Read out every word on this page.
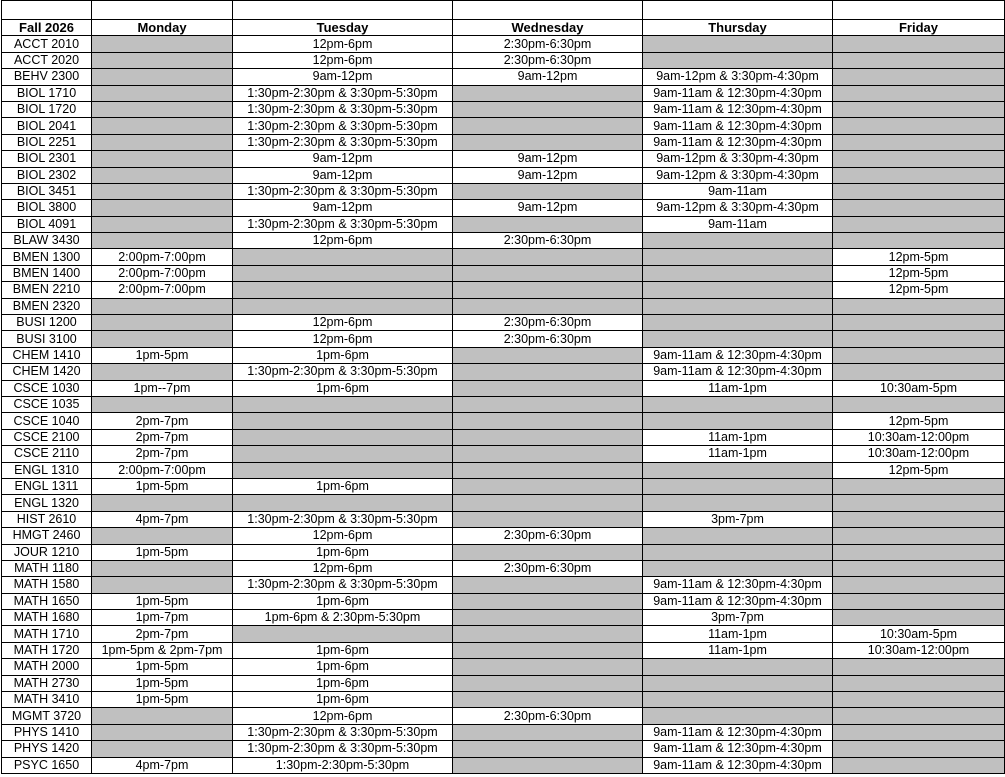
Fall 2026	Monday	Tuesday	Wednesday	Thursday	Friday
ACCT 2010		12pm-6pm	2:30pm-6:30pm		
ACCT 2020		12pm-6pm	2:30pm-6:30pm		
BEHV 2300		9am-12pm	9am-12pm	9am-12pm & 3:30pm-4:30pm	
BIOL 1710		1:30pm-2:30pm & 3:30pm-5:30pm		9am-11am & 12:30pm-4:30pm	
BIOL 1720		1:30pm-2:30pm & 3:30pm-5:30pm		9am-11am & 12:30pm-4:30pm	
BIOL 2041		1:30pm-2:30pm & 3:30pm-5:30pm		9am-11am & 12:30pm-4:30pm	
BIOL 2251		1:30pm-2:30pm & 3:30pm-5:30pm		9am-11am & 12:30pm-4:30pm	
BIOL 2301		9am-12pm	9am-12pm	9am-12pm & 3:30pm-4:30pm	
BIOL 2302		9am-12pm	9am-12pm	9am-12pm & 3:30pm-4:30pm	
BIOL 3451		1:30pm-2:30pm & 3:30pm-5:30pm		9am-11am	
BIOL 3800		9am-12pm	9am-12pm	9am-12pm & 3:30pm-4:30pm	
BIOL 4091		1:30pm-2:30pm & 3:30pm-5:30pm		9am-11am	
BLAW 3430		12pm-6pm	2:30pm-6:30pm		
BMEN 1300	2:00pm-7:00pm				12pm-5pm
BMEN 1400	2:00pm-7:00pm				12pm-5pm
BMEN 2210	2:00pm-7:00pm				12pm-5pm
BMEN 2320					
BUSI 1200		12pm-6pm	2:30pm-6:30pm		
BUSI 3100		12pm-6pm	2:30pm-6:30pm		
CHEM 1410	1pm-5pm	1pm-6pm		9am-11am & 12:30pm-4:30pm	
CHEM 1420		1:30pm-2:30pm & 3:30pm-5:30pm		9am-11am & 12:30pm-4:30pm	
CSCE 1030	1pm--7pm	1pm-6pm		11am-1pm	10:30am-5pm
CSCE 1035					
CSCE 1040	2pm-7pm				12pm-5pm
CSCE 2100	2pm-7pm			11am-1pm	10:30am-12:00pm
CSCE 2110	2pm-7pm			11am-1pm	10:30am-12:00pm
ENGL 1310	2:00pm-7:00pm				12pm-5pm
ENGL 1311	1pm-5pm	1pm-6pm			
ENGL 1320					
HIST 2610	4pm-7pm	1:30pm-2:30pm & 3:30pm-5:30pm		3pm-7pm	
HMGT 2460		12pm-6pm	2:30pm-6:30pm		
JOUR 1210	1pm-5pm	1pm-6pm			
MATH 1180		12pm-6pm	2:30pm-6:30pm		
MATH 1580		1:30pm-2:30pm & 3:30pm-5:30pm		9am-11am & 12:30pm-4:30pm	
MATH 1650	1pm-5pm	1pm-6pm		9am-11am & 12:30pm-4:30pm	
MATH 1680	1pm-7pm	1pm-6pm & 2:30pm-5:30pm		3pm-7pm	
MATH 1710	2pm-7pm			11am-1pm	10:30am-5pm
MATH 1720	1pm-5pm & 2pm-7pm	1pm-6pm		11am-1pm	10:30am-12:00pm
MATH 2000	1pm-5pm	1pm-6pm			
MATH 2730	1pm-5pm	1pm-6pm			
MATH 3410	1pm-5pm	1pm-6pm			
MGMT 3720		12pm-6pm	2:30pm-6:30pm		
PHYS 1410		1:30pm-2:30pm & 3:30pm-5:30pm		9am-11am & 12:30pm-4:30pm	
PHYS 1420		1:30pm-2:30pm & 3:30pm-5:30pm		9am-11am & 12:30pm-4:30pm	
PSYC 1650	4pm-7pm	1:30pm-2:30pm-5:30pm		9am-11am & 12:30pm-4:30pm	
